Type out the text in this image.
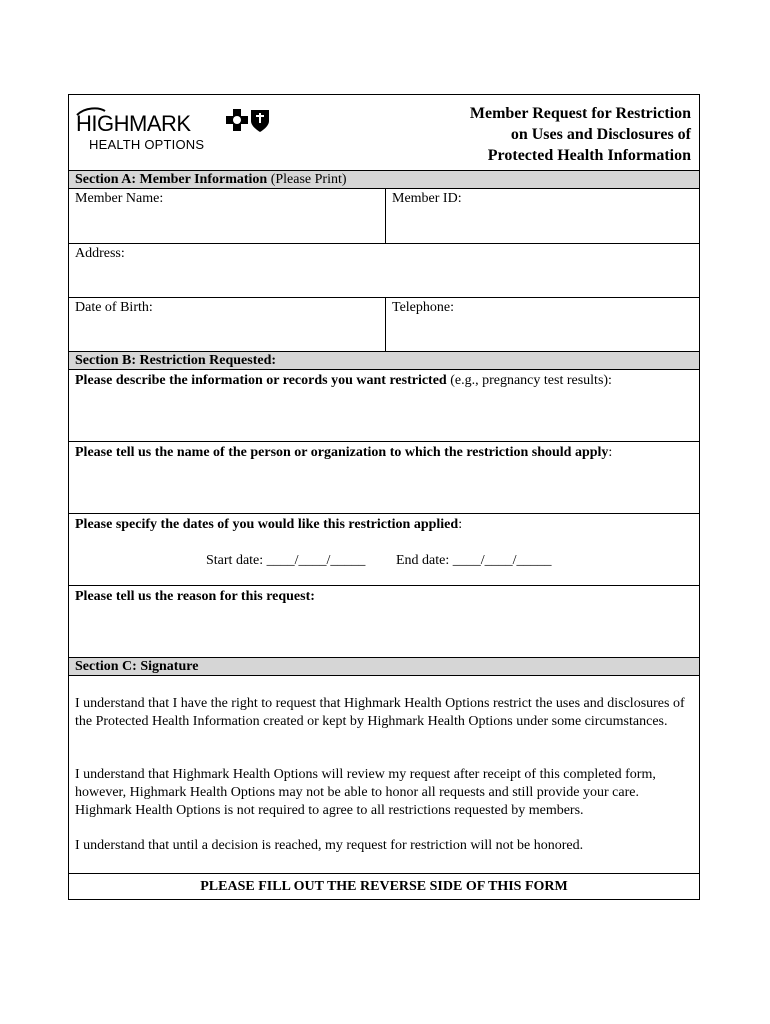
HIGHMARK
HEALTH OPTIONS
Member Request for Restriction
on Uses and Disclosures of
Protected Health Information
Section A: Member Information (Please Print)
Member Name:	Member ID:
Address:
Date of Birth:	Telephone:
Section B: Restriction Requested:
Please describe the information or records you want restricted (e.g., pregnancy test results):
Please tell us the name of the person or organization to which the restriction should apply:
Please specify the dates of you would like this restriction applied:
Start date: ____/____/_____ End date: ____/____/_____
Please tell us the reason for this request:
Section C: Signature
I understand that I have the right to request that Highmark Health Options restrict the uses and disclosures of the Protected Health Information created or kept by Highmark Health Options under some circumstances.
I understand that Highmark Health Options will review my request after receipt of this completed form, however, Highmark Health Options may not be able to honor all requests and still provide your care. Highmark Health Options is not required to agree to all restrictions requested by members.
I understand that until a decision is reached, my request for restriction will not be honored.
PLEASE FILL OUT THE REVERSE SIDE OF THIS FORM
